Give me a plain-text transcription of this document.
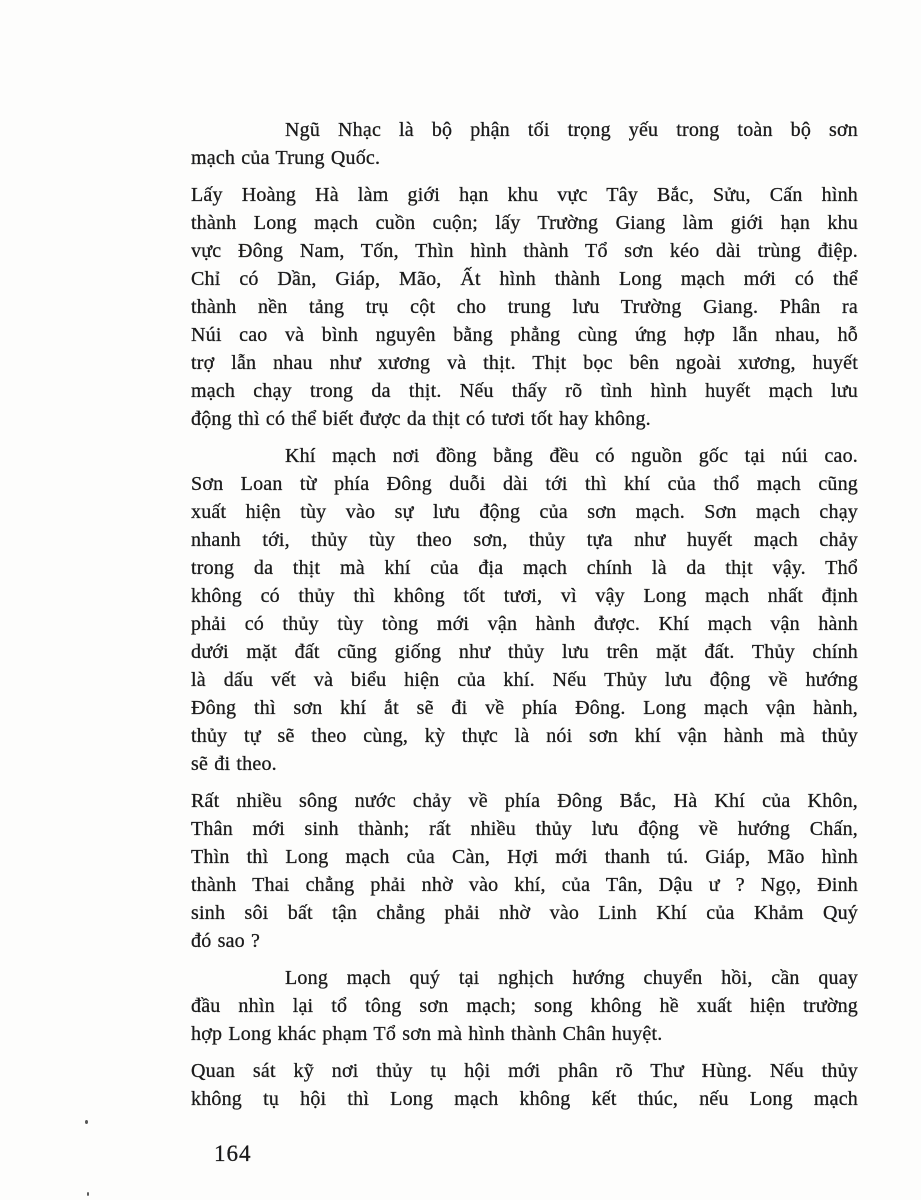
Ngũ Nhạc là bộ phận tối trọng yếu trong toàn bộ sơn
mạch của Trung Quốc.
Lấy Hoàng Hà làm giới hạn khu vực Tây Bắc, Sửu, Cấn hình
thành Long mạch cuồn cuộn; lấy Trường Giang làm giới hạn khu
vực Đông Nam, Tốn, Thìn hình thành Tổ sơn kéo dài trùng điệp.
Chỉ có Dần, Giáp, Mão, Ất hình thành Long mạch mới có thể
thành nền tảng trụ cột cho trung lưu Trường Giang. Phân ra
Núi cao và bình nguyên bằng phẳng cùng ứng hợp lẫn nhau, hỗ
trợ lẫn nhau như xương và thịt. Thịt bọc bên ngoài xương, huyết
mạch chạy trong da thịt. Nếu thấy rõ tình hình huyết mạch lưu
động thì có thể biết được da thịt có tươi tốt hay không.
Khí mạch nơi đồng bằng đều có nguồn gốc tại núi cao.
Sơn Loan từ phía Đông duỗi dài tới thì khí của thổ mạch cũng
xuất hiện tùy vào sự lưu động của sơn mạch. Sơn mạch chạy
nhanh tới, thủy tùy theo sơn, thủy tựa như huyết mạch chảy
trong da thịt mà khí của địa mạch chính là da thịt vậy. Thổ
không có thủy thì không tốt tươi, vì vậy Long mạch nhất định
phải có thủy tùy tòng mới vận hành được. Khí mạch vận hành
dưới mặt đất cũng giống như thủy lưu trên mặt đất. Thủy chính
là dấu vết và biểu hiện của khí. Nếu Thủy lưu động về hướng
Đông thì sơn khí ắt sẽ đi về phía Đông. Long mạch vận hành,
thủy tự sẽ theo cùng, kỳ thực là nói sơn khí vận hành mà thủy
sẽ đi theo.
Rất nhiều sông nước chảy về phía Đông Bắc, Hà Khí của Khôn,
Thân mới sinh thành; rất nhiều thủy lưu động về hướng Chấn,
Thìn thì Long mạch của Càn, Hợi mới thanh tú. Giáp, Mão hình
thành Thai chẳng phải nhờ vào khí, của Tân, Dậu ư ? Ngọ, Đinh
sinh sôi bất tận chẳng phải nhờ vào Linh Khí của Khảm Quý
đó sao ?
Long mạch quý tại nghịch hướng chuyển hồi, cần quay
đầu nhìn lại tổ tông sơn mạch; song không hề xuất hiện trường
hợp Long khác phạm Tổ sơn mà hình thành Chân huyệt.
Quan sát kỹ nơi thủy tụ hội mới phân rõ Thư Hùng. Nếu thủy
không tụ hội thì Long mạch không kết thúc, nếu Long mạch
164
